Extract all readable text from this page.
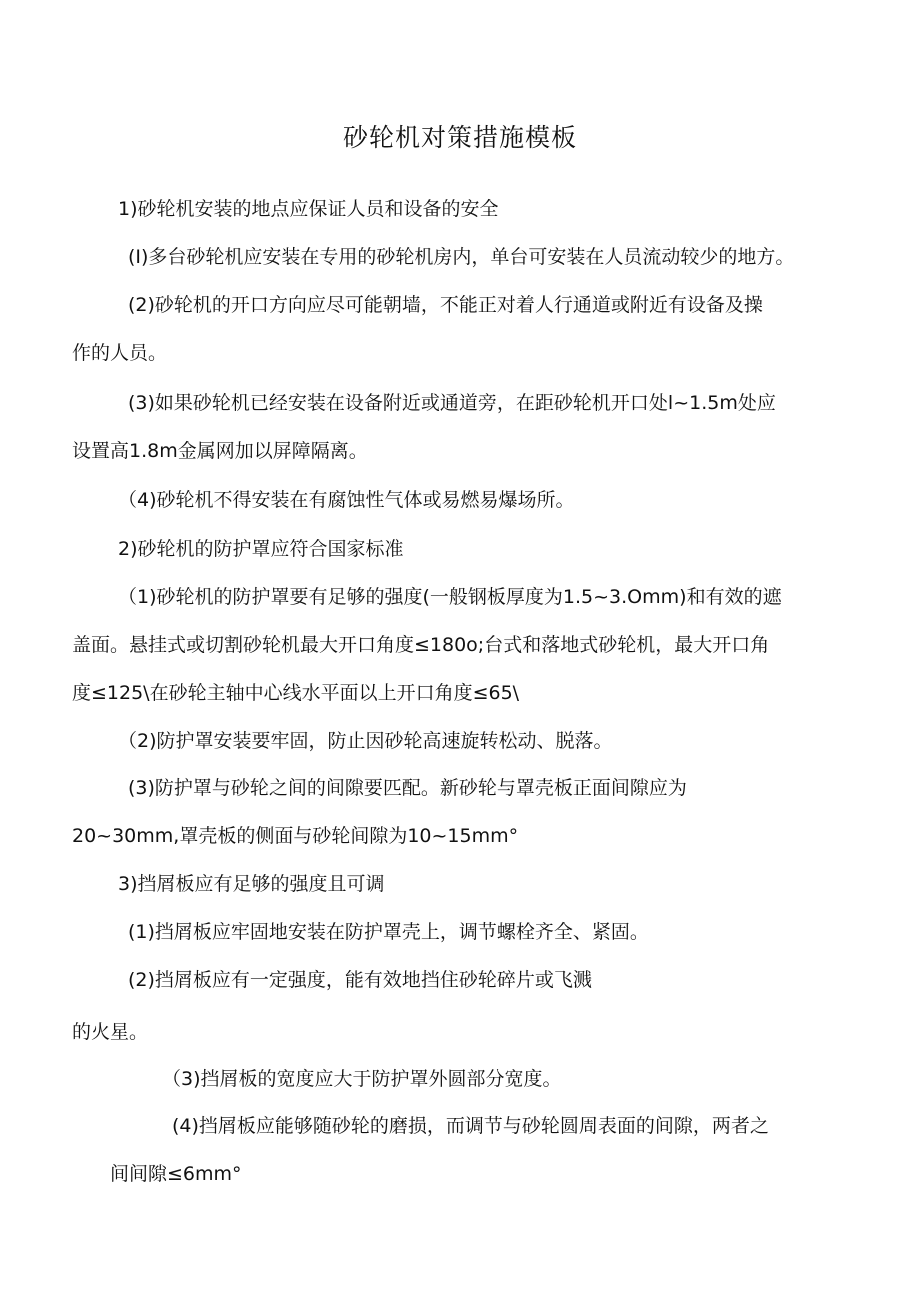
砂轮机对策措施模板
1)砂轮机安装的地点应保证人员和设备的安全
(I)多台砂轮机应安装在专用的砂轮机房内，单台可安装在人员流动较少的地方。
(2)砂轮机的开口方向应尽可能朝墙，不能正对着人行通道或附近有设备及操
作的人员。
(3)如果砂轮机已经安装在设备附近或通道旁，在距砂轮机开口处l~1.5m处应
设置高1.8m金属网加以屏障隔离。
（4)砂轮机不得安装在有腐蚀性气体或易燃易爆场所。
2)砂轮机的防护罩应符合国家标准
（1)砂轮机的防护罩要有足够的强度(一般钢板厚度为1.5~3.Omm)和有效的遮
盖面。悬挂式或切割砂轮机最大开口角度≤180o;台式和落地式砂轮机，最大开口角
度≤125\在砂轮主轴中心线水平面以上开口角度≤65\
（2)防护罩安装要牢固，防止因砂轮高速旋转松动、脱落。
(3)防护罩与砂轮之间的间隙要匹配。新砂轮与罩壳板正面间隙应为
20~30mm,罩壳板的侧面与砂轮间隙为10~15mm°
3)挡屑板应有足够的强度且可调
(1)挡屑板应牢固地安装在防护罩壳上，调节螺栓齐全、紧固。
(2)挡屑板应有一定强度，能有效地挡住砂轮碎片或飞溅
的火星。
（3)挡屑板的宽度应大于防护罩外圆部分宽度。
(4)挡屑板应能够随砂轮的磨损，而调节与砂轮圆周表面的间隙，两者之
间间隙≤6mm°
